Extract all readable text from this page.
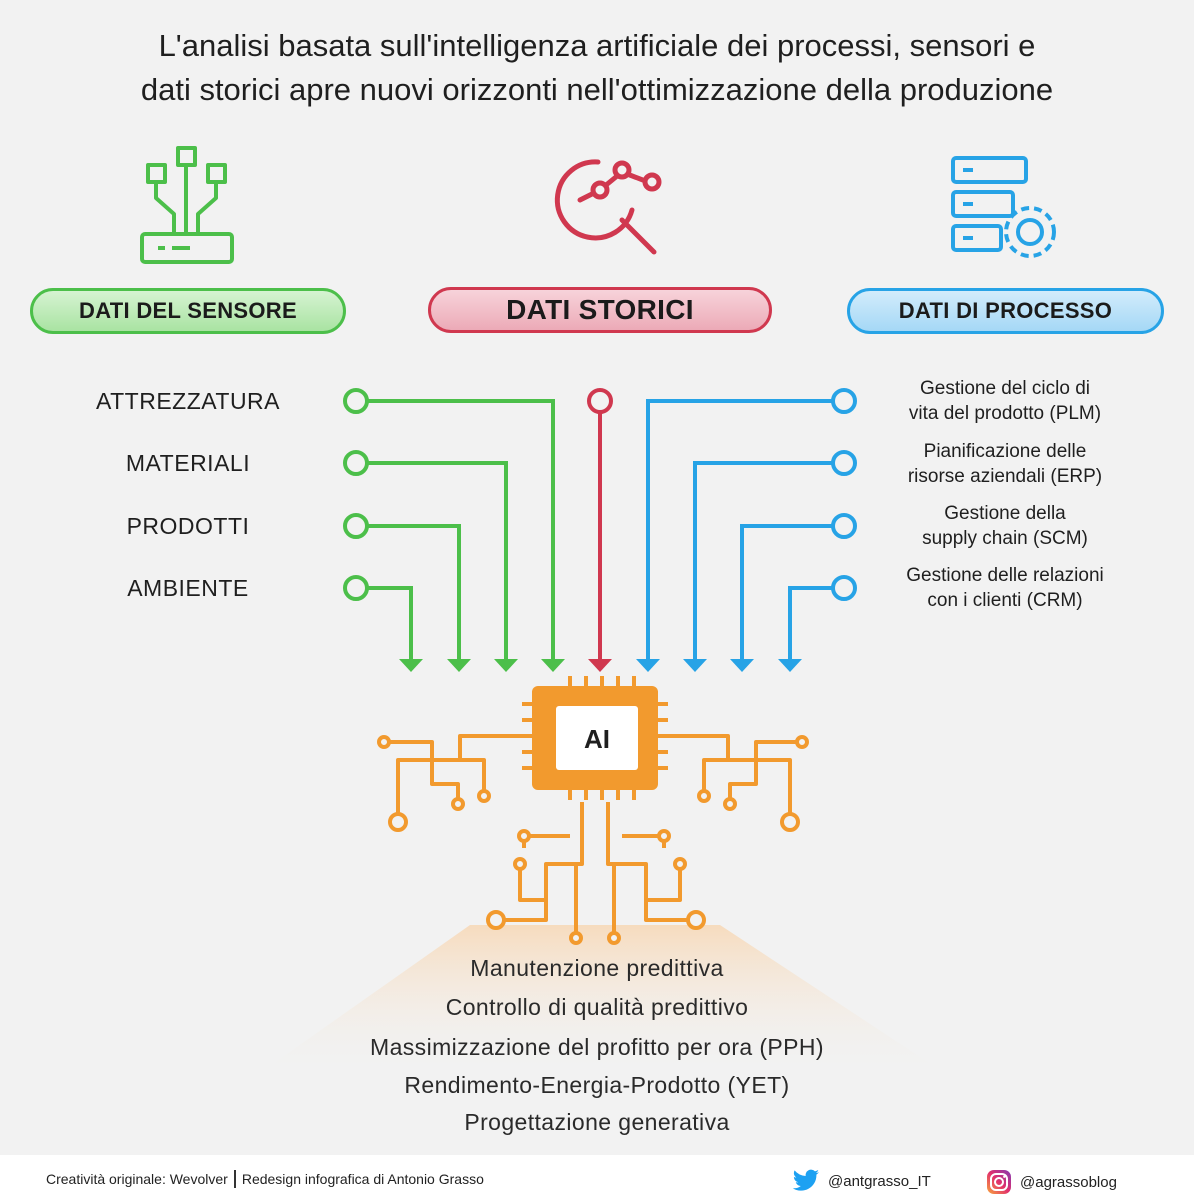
L'analisi basata sull'intelligenza artificiale dei processi, sensori e
dati storici apre nuovi orizzonti nell'ottimizzazione della produzione
AI
DATI DEL SENSORE	DATI STORICI	DATI DI PROCESSO
ATTREZZATURA
MATERIALI
PRODOTTI
AMBIENTE
Gestione del ciclo di
vita del prodotto (PLM)
Pianificazione delle
risorse aziendali (ERP)
Gestione della
supply chain (SCM)
Gestione delle relazioni
con i clienti (CRM)
Manutenzione predittiva
Controllo di qualità predittivo
Massimizzazione del profitto per ora (PPH)
Rendimento-Energia-Prodotto (YET)
Progettazione generativa
Creatività originale: Wevolver Redesign infografica di Antonio Grasso	@antgrasso_IT	@agrassoblog
